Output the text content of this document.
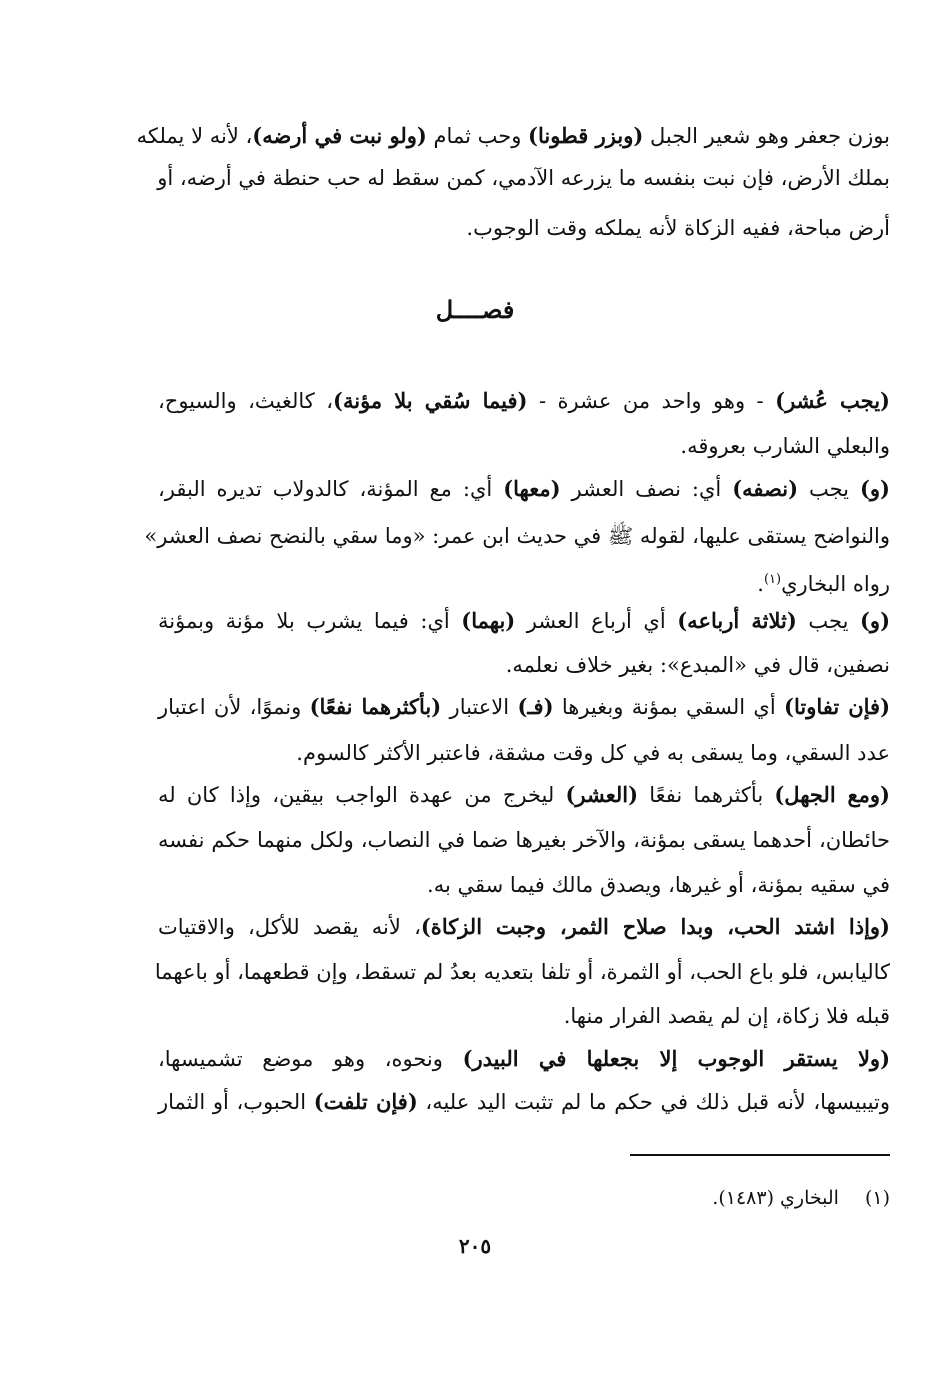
بوزن جعفر وهو شعير الجبل (وبزر قطونا) وحب ثمام (ولو نبت في أرضه)، لأنه لا يملكه
بملك الأرض، فإن نبت بنفسه ما يزرعه الآدمي، كمن سقط له حب حنطة في أرضه، أو
أرض مباحة، ففيه الزكاة لأنه يملكه وقت الوجوب.
(يجب عُشر) - وهو واحد من عشرة - (فيما سُقي بلا مؤنة)، كالغيث، والسيوح،
والبعلي الشارب بعروقه.
(و) يجب (نصفه) أي: نصف العشر (معها) أي: مع المؤنة، كالدولاب تديره البقر،
والنواضح يستقى عليها، لقوله ﷺ في حديث ابن عمر: «وما سقي بالنضح نصف العشر»
رواه البخاري$^{(١)}$.
(و) يجب (ثلاثة أرباعه) أي أرباع العشر (بهما) أي: فيما يشرب بلا مؤنة وبمؤنة
نصفين، قال في «المبدع»: بغير خلاف نعلمه.
(فإن تفاوتا) أي السقي بمؤنة وبغيرها (فـ) الاعتبار (بأكثرهما نفعًا) ونموًا، لأن اعتبار
عدد السقي، وما يسقى به في كل وقت مشقة، فاعتبر الأكثر كالسوم.
(ومع الجهل) بأكثرهما نفعًا (العشر) ليخرج من عهدة الواجب بيقين، وإذا كان له
حائطان، أحدهما يسقى بمؤنة، والآخر بغيرها ضما في النصاب، ولكل منهما حكم نفسه
في سقيه بمؤنة، أو غيرها، ويصدق مالك فيما سقي به.
(وإذا اشتد الحب، وبدا صلاح الثمر، وجبت الزكاة)، لأنه يقصد للأكل، والاقتيات
كاليابس، فلو باع الحب، أو الثمرة، أو تلفا بتعديه بعدُ لم تسقط، وإن قطعهما، أو باعهما
قبله فلا زكاة، إن لم يقصد الفرار منها.
(ولا يستقر الوجوب إلا بجعلها في البيدر) ونحوه، وهو موضع تشميسها،
وتيبيسها، لأنه قبل ذلك في حكم ما لم تثبت اليد عليه، (فإن تلفت) الحبوب، أو الثمار
فصــــل
(١)البخاري (١٤٨٣).
٢٠٥
